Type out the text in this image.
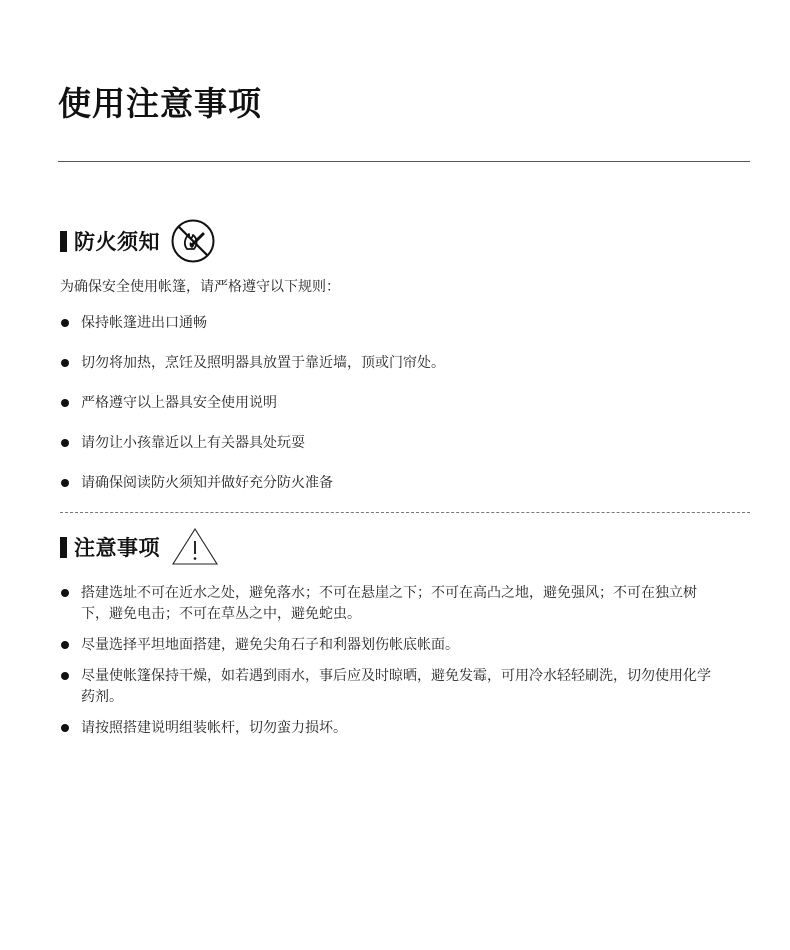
使用注意事项
防火须知

为确保安全使用帐篷，请严格遵守以下规则：

保持帐篷进出口通畅
切勿将加热，烹饪及照明器具放置于靠近墙，顶或门帘处。
严格遵守以上器具安全使用说明
请勿让小孩靠近以上有关器具处玩耍
请确保阅读防火须知并做好充分防火准备
注意事项
搭建选址不可在近水之处，避免落水；不可在悬崖之下；不可在高凸之地，避免强风；不可在独立树下，避免电击；不可在草丛之中，避免蛇虫。
尽量选择平坦地面搭建，避免尖角石子和利器划伤帐底帐面。
尽量使帐篷保持干燥，如若遇到雨水，事后应及时晾晒，避免发霉，可用冷水轻轻刷洗，切勿使用化学药剂。
请按照搭建说明组装帐杆，切勿蛮力损坏。
